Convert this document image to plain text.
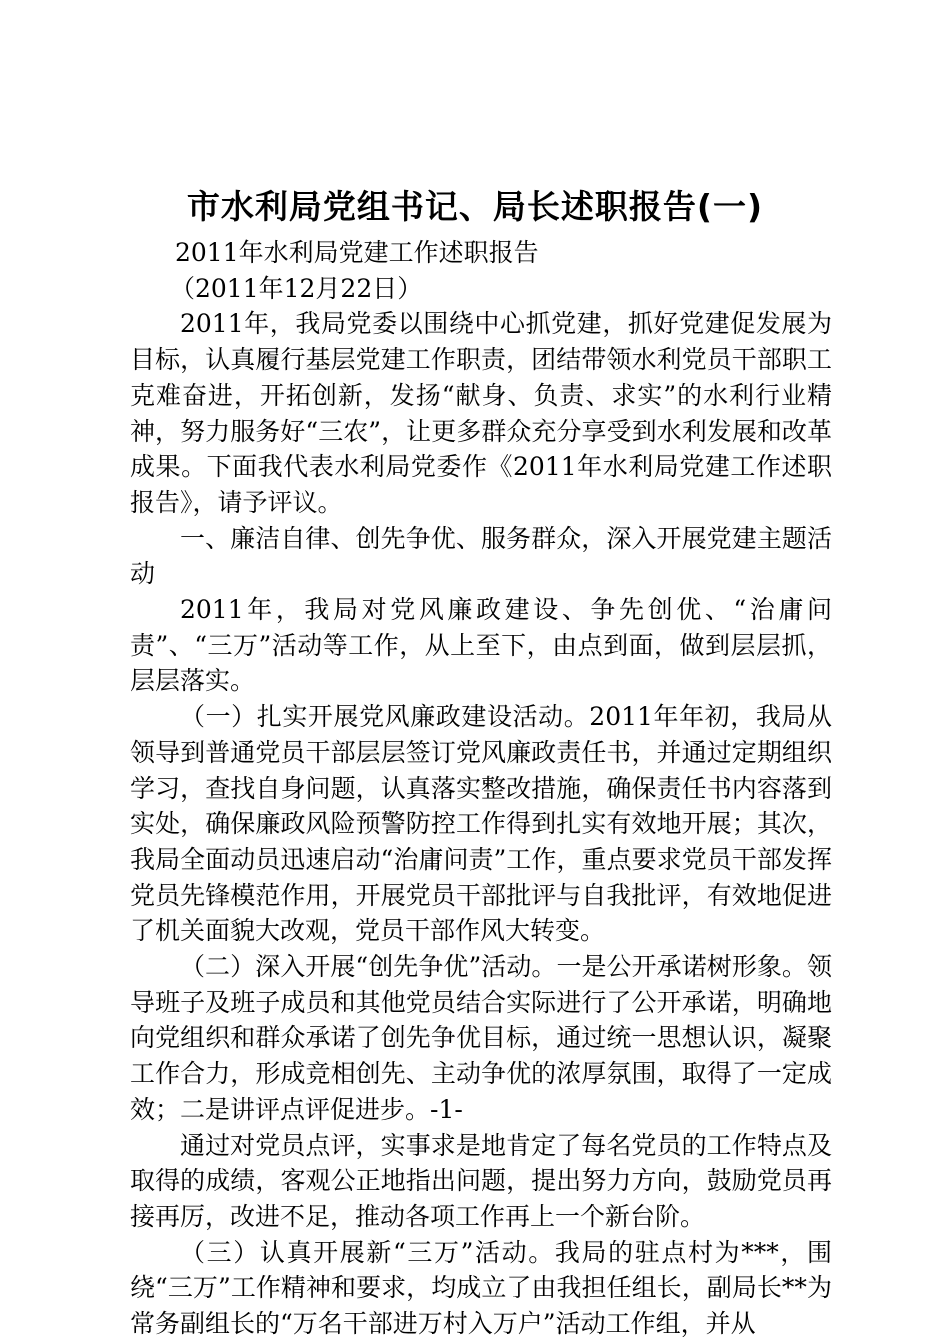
市水利局党组书记、局长述职报告(一)

2011年水利局党建工作述职报告

（2011年12月22日）

2011年，我局党委以围绕中心抓党建，抓好党建促发展为目标，认真履行基层党建工作职责，团结带领水利党员干部职工克难奋进，开拓创新，发扬“献身、负责、求实”的水利行业精神，努力服务好“三农”，让更多群众充分享受到水利发展和改革成果。下面我代表水利局党委作《2011年水利局党建工作述职报告》，请予评议。

一、廉洁自律、创先争优、服务群众，深入开展党建主题活动

2011年，我局对党风廉政建设、争先创优、“治庸问责”、“三万”活动等工作，从上至下，由点到面，做到层层抓，层层落实。

（一）扎实开展党风廉政建设活动。2011年年初，我局从领导到普通党员干部层层签订党风廉政责任书，并通过定期组织学习，查找自身问题，认真落实整改措施，确保责任书内容落到实处，确保廉政风险预警防控工作得到扎实有效地开展；其次，我局全面动员迅速启动“治庸问责”工作，重点要求党员干部发挥党员先锋模范作用，开展党员干部批评与自我批评，有效地促进了机关面貌大改观，党员干部作风大转变。

（二）深入开展“创先争优”活动。一是公开承诺树形象。领导班子及班子成员和其他党员结合实际进行了公开承诺，明确地向党组织和群众承诺了创先争优目标，通过统一思想认识，凝聚工作合力，形成竞相创先、主动争优的浓厚氛围，取得了一定成效；二是讲评点评促进步。-1-

通过对党员点评，实事求是地肯定了每名党员的工作特点及取得的成绩，客观公正地指出问题，提出努力方向，鼓励党员再接再厉，改进不足，推动各项工作再上一个新台阶。

（三）认真开展新“三万”活动。我局的驻点村为***，围绕“三万”工作精神和要求，均成立了由我担任组长，副局长**为常务副组长的“万名干部进万村入万户”活动工作组，并从
